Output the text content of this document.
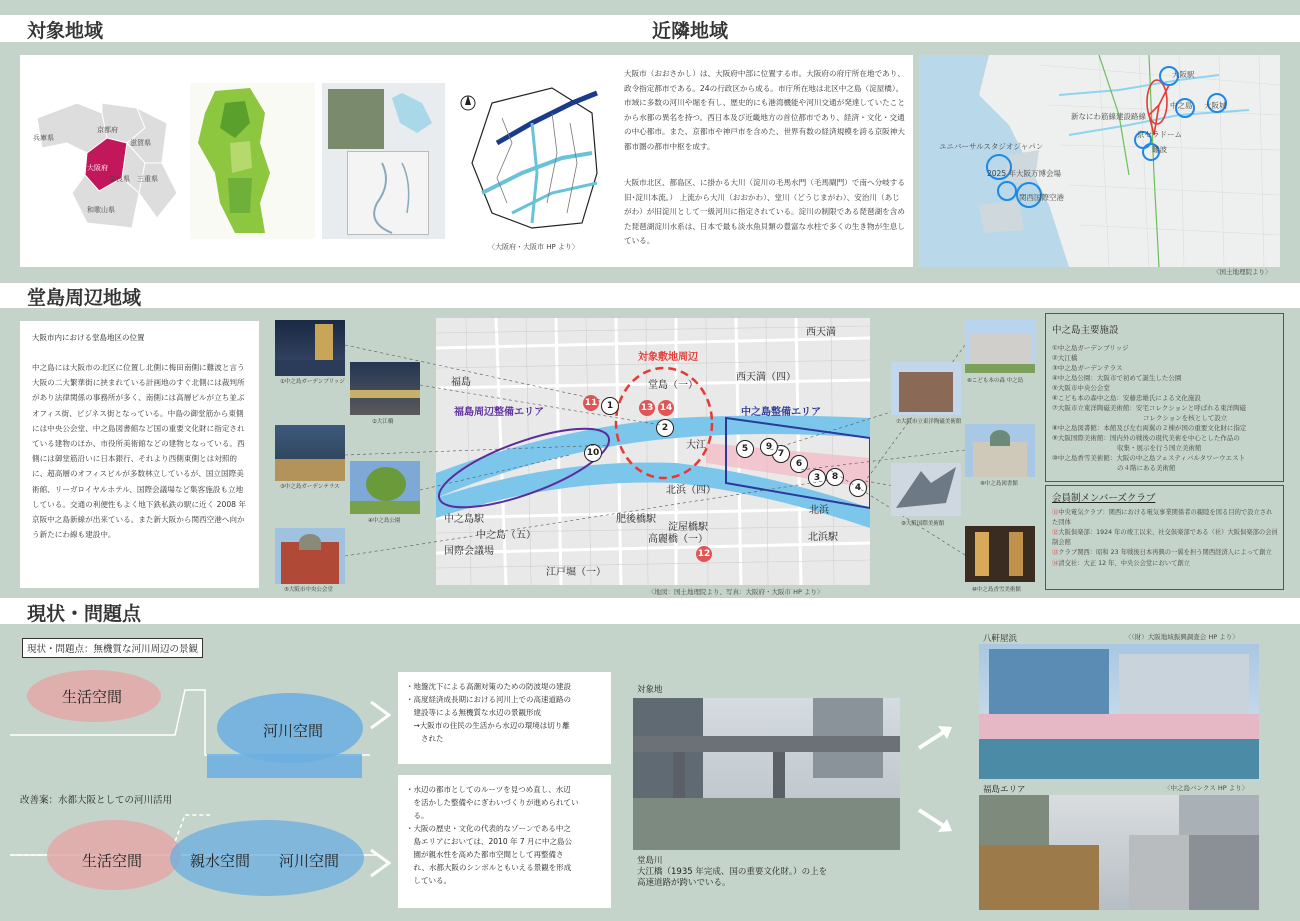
対象地域	近隣地域
兵庫県
京都府
滋賀県
大阪府
奈良県 三重県
和歌山県
大阪市（おおさかし）は、大阪府中部に位置する市。大阪府の府庁所在地であり、政令指定都市である。24の行政区から成る。市庁所在地は北区中之島（淀屋橋）。市域に多数の河川や堀を有し、歴史的にも港湾機能や河川交通が発達していたことから水都の異名を持つ。西日本及び近畿地方の首位都市であり、経済・文化・交通の中心都市。また、京都市や神戸市を含めた、世界有数の経済規模を誇る京阪神大都市圏の都市中枢を成す。
大阪市北区、都島区、に掛かる大川（淀川の毛馬水門（毛馬閘門）で南へ分岐する旧･淀川本流。） 上流から大川（おおかわ）、堂川（どうじまがわ）、安治川（あじがわ）が旧淀川として一級河川に指定されている。淀川の制限である琵琶湖を含めた琵琶湖淀川水系は、日本で最も淡水魚貝類の豊富な水柱で多くの生き物が生息している。
〈大阪府・大阪市 HP より〉
大阪駅
中之島 大阪城
新なにわ筋線建設路線
京セラドーム
難波
ユニバーサルスタジオジャパン
2025 年大阪万博会場
関西国際空港
〈国土地理院より〉
堂島周辺地域
大阪市内における堂島地区の位置
中之島には大阪市の北区に位置し北側に梅田南側に難波と言う大阪の二大繁華街に挟まれている計画地のすぐ北側には裁判所があり法律関係の事務所が多く、南側には高層ビルが立ち並ぶオフィス街、ビジネス街となっている。中島の御堂筋から東側には中央公会堂、中之島図書館など国の重要文化財に指定されている建物のほか、市役所美術館などの建物となっている。西側には御堂筋沿いに日本銀行、それより西側東側とは対照的に、超高層のオフィスビルが多数林立しているが、国立国際美術館、リーガロイヤルホテル、国際会議場など集客施設も立地している。交通の利便性もよく地下鉄私鉄の駅に近く 2008 年京阪中之島新線が出来ている。また新大阪から関西空港へ向かう新たにわ線も建設中。
①中之島ガーデンブリッジ
②大江橋
③中之島ガーデンテラス
④中之島公園
⑤大阪市中央公会堂
対象敷地周辺
福島周辺整備エリア	中之島整備エリア
堂島（一）
西天満（四）
西天満
大江
北浜（四）
肥後橋駅
淀屋橋駅
高麗橋（一）
江戸堀（一）
中之島駅
中之島（五）
国際会議場
北浜駅
福島
北浜
1
2
3
4
5
6
7
8
9
10
11
12
13 14
〈地図：国土地理院より、写真：大阪府・大阪市 HP より〉
⑥こども本の森 中之島
⑦大阪市立東洋陶磁美術館
⑧中之島図書館
⑨大阪国際美術館
⑩中之島香雪美術館
中之島主要施設
①中之島ガーデンブリッジ
②大江橋
③中之島ガーデンテラス
④中之島公園：大阪市で初めて誕生した公園
⑤大阪市中央公会堂
⑥こども本の森中之島：安藤忠雄氏による文化施設
⑦大阪市立東洋陶磁美術館：安宅コレクションと呼ばれる東洋陶磁
　　　　　　　　　　　　　　コレクションを核として設立
⑧中之島図書館：本館及び左右両翼の２棟が国の重要文化財に指定
⑨大阪国際美術館：国内外の戦後の現代美術を中心とした作品の
　　　　　　　　　　収集・展示を行う国立美術館
⑩中之島香雪美術館：大阪の中之島フェスティバルタワーウエスト
　　　　　　　　　　の４階にある美術館
会員制メンバーズクラブ
⑪中央電気クラブ：関西における電気事業関係者の親睦を図る目的で設立された団体
⑫大阪倶楽部：1924 年の竣工以来、社交倶楽部である（社）大阪倶楽部の会員制会館
⑬クラブ関西：昭和 23 年戦後日本再興の一翼を担う関西経済人によって創立
⑭清交社：大正 12 年、中央公会堂において創立
現状・問題点
現状・問題点：無機質な河川周辺の景観
生活空間
河川空間
・地盤沈下による高潮対策のための防波堤の建設
・高度経済成長期における河川上での高速道路の
　建設等による無機質な水辺の景観形成
　→大阪市の住民の生活から水辺の環境は切り離
　　された
改善案：水都大阪としての河川活用
生活空間	親水空間 河川空間
・水辺の都市としてのルーツを見つめ直し、水辺
　を活かした整備やにぎわいづくりが進められてい
　る。
・大阪の歴史・文化の代表的なゾーンである中之
　島エリアにおいては、2010 年 7 月に中之島公
　園が親水性を高めた都市空間として再整備さ
　れ、水都大阪のシンボルともいえる景観を形成
　している。
対象地
堂島川
大江橋（1935 年完成、国の重要文化財。）の上を
高速道路が跨いでいる。
八軒屋浜	〈（財）大阪地域振興調査会 HP より〉
福島エリア	〈中之島バンクス HP より〉
